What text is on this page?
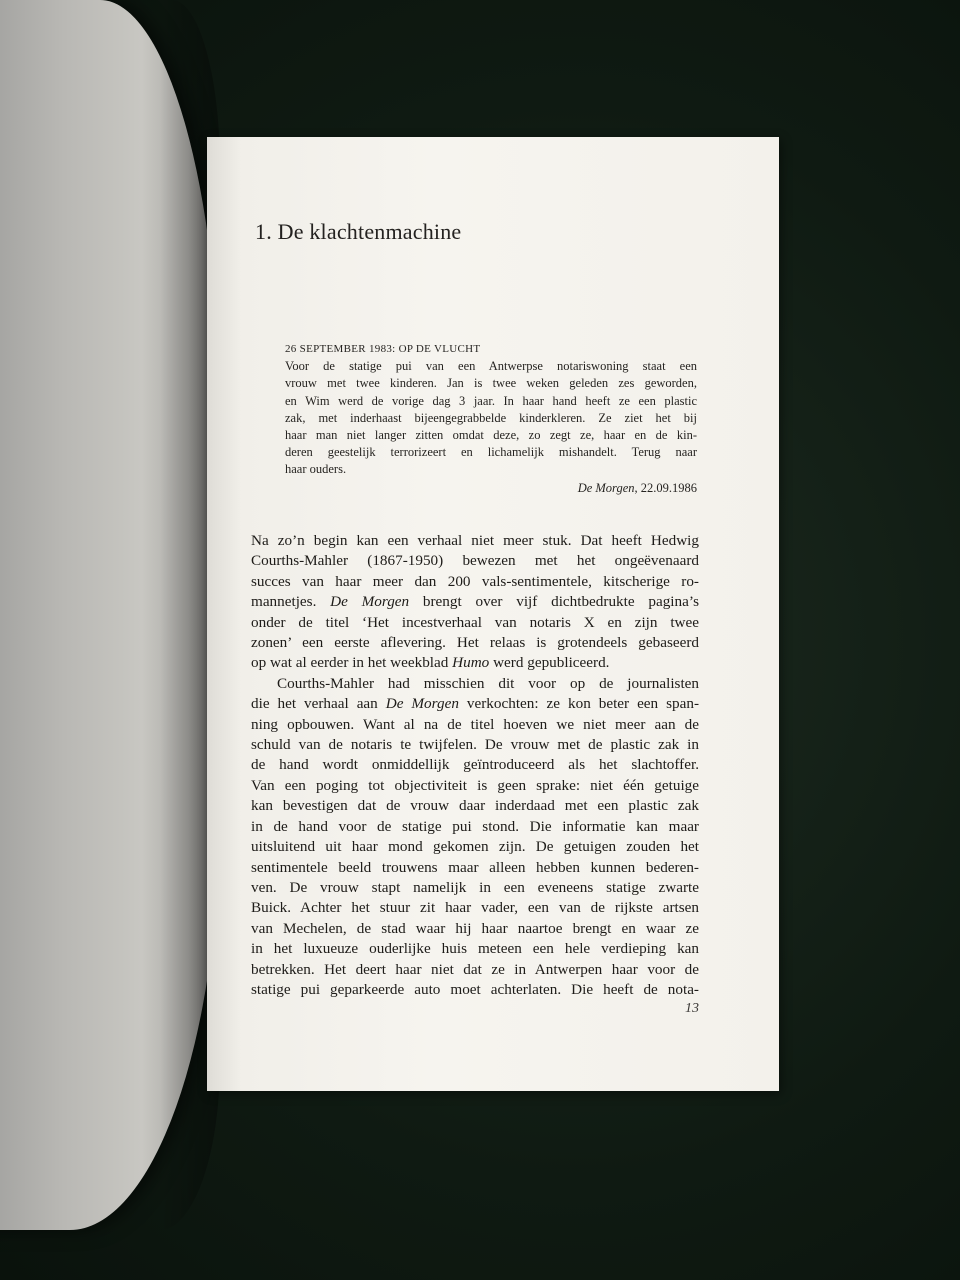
1. De klachtenmachine
26 SEPTEMBER 1983: OP DE VLUCHT
Voor de statige pui van een Antwerpse notariswoning staat een
vrouw met twee kinderen. Jan is twee weken geleden zes geworden,
en Wim werd de vorige dag 3 jaar. In haar hand heeft ze een plastic
zak, met inderhaast bijeengegrabbelde kinderkleren. Ze ziet het bij
haar man niet langer zitten omdat deze, zo zegt ze, haar en de kin-
deren geestelijk terrorizeert en lichamelijk mishandelt. Terug naar
haar ouders.
De Morgen, 22.09.1986
Na zo’n begin kan een verhaal niet meer stuk. Dat heeft Hedwig
Courths-Mahler (1867-1950) bewezen met het ongeëvenaard
succes van haar meer dan 200 vals-sentimentele, kitscherige ro-
mannetjes. De Morgen brengt over vijf dichtbedrukte pagina’s
onder de titel ‘Het incestverhaal van notaris X en zijn twee
zonen’ een eerste aflevering. Het relaas is grotendeels gebaseerd
op wat al eerder in het weekblad Humo werd gepubliceerd.
Courths-Mahler had misschien dit voor op de journalisten
die het verhaal aan De Morgen verkochten: ze kon beter een span-
ning opbouwen. Want al na de titel hoeven we niet meer aan de
schuld van de notaris te twijfelen. De vrouw met de plastic zak in
de hand wordt onmiddellijk geïntroduceerd als het slachtoffer.
Van een poging tot objectiviteit is geen sprake: niet één getuige
kan bevestigen dat de vrouw daar inderdaad met een plastic zak
in de hand voor de statige pui stond. Die informatie kan maar
uitsluitend uit haar mond gekomen zijn. De getuigen zouden het
sentimentele beeld trouwens maar alleen hebben kunnen bederen-
ven. De vrouw stapt namelijk in een eveneens statige zwarte
Buick. Achter het stuur zit haar vader, een van de rijkste artsen
van Mechelen, de stad waar hij haar naartoe brengt en waar ze
in het luxueuze ouderlijke huis meteen een hele verdieping kan
betrekken. Het deert haar niet dat ze in Antwerpen haar voor de
statige pui geparkeerde auto moet achterlaten. Die heeft de nota-
13
